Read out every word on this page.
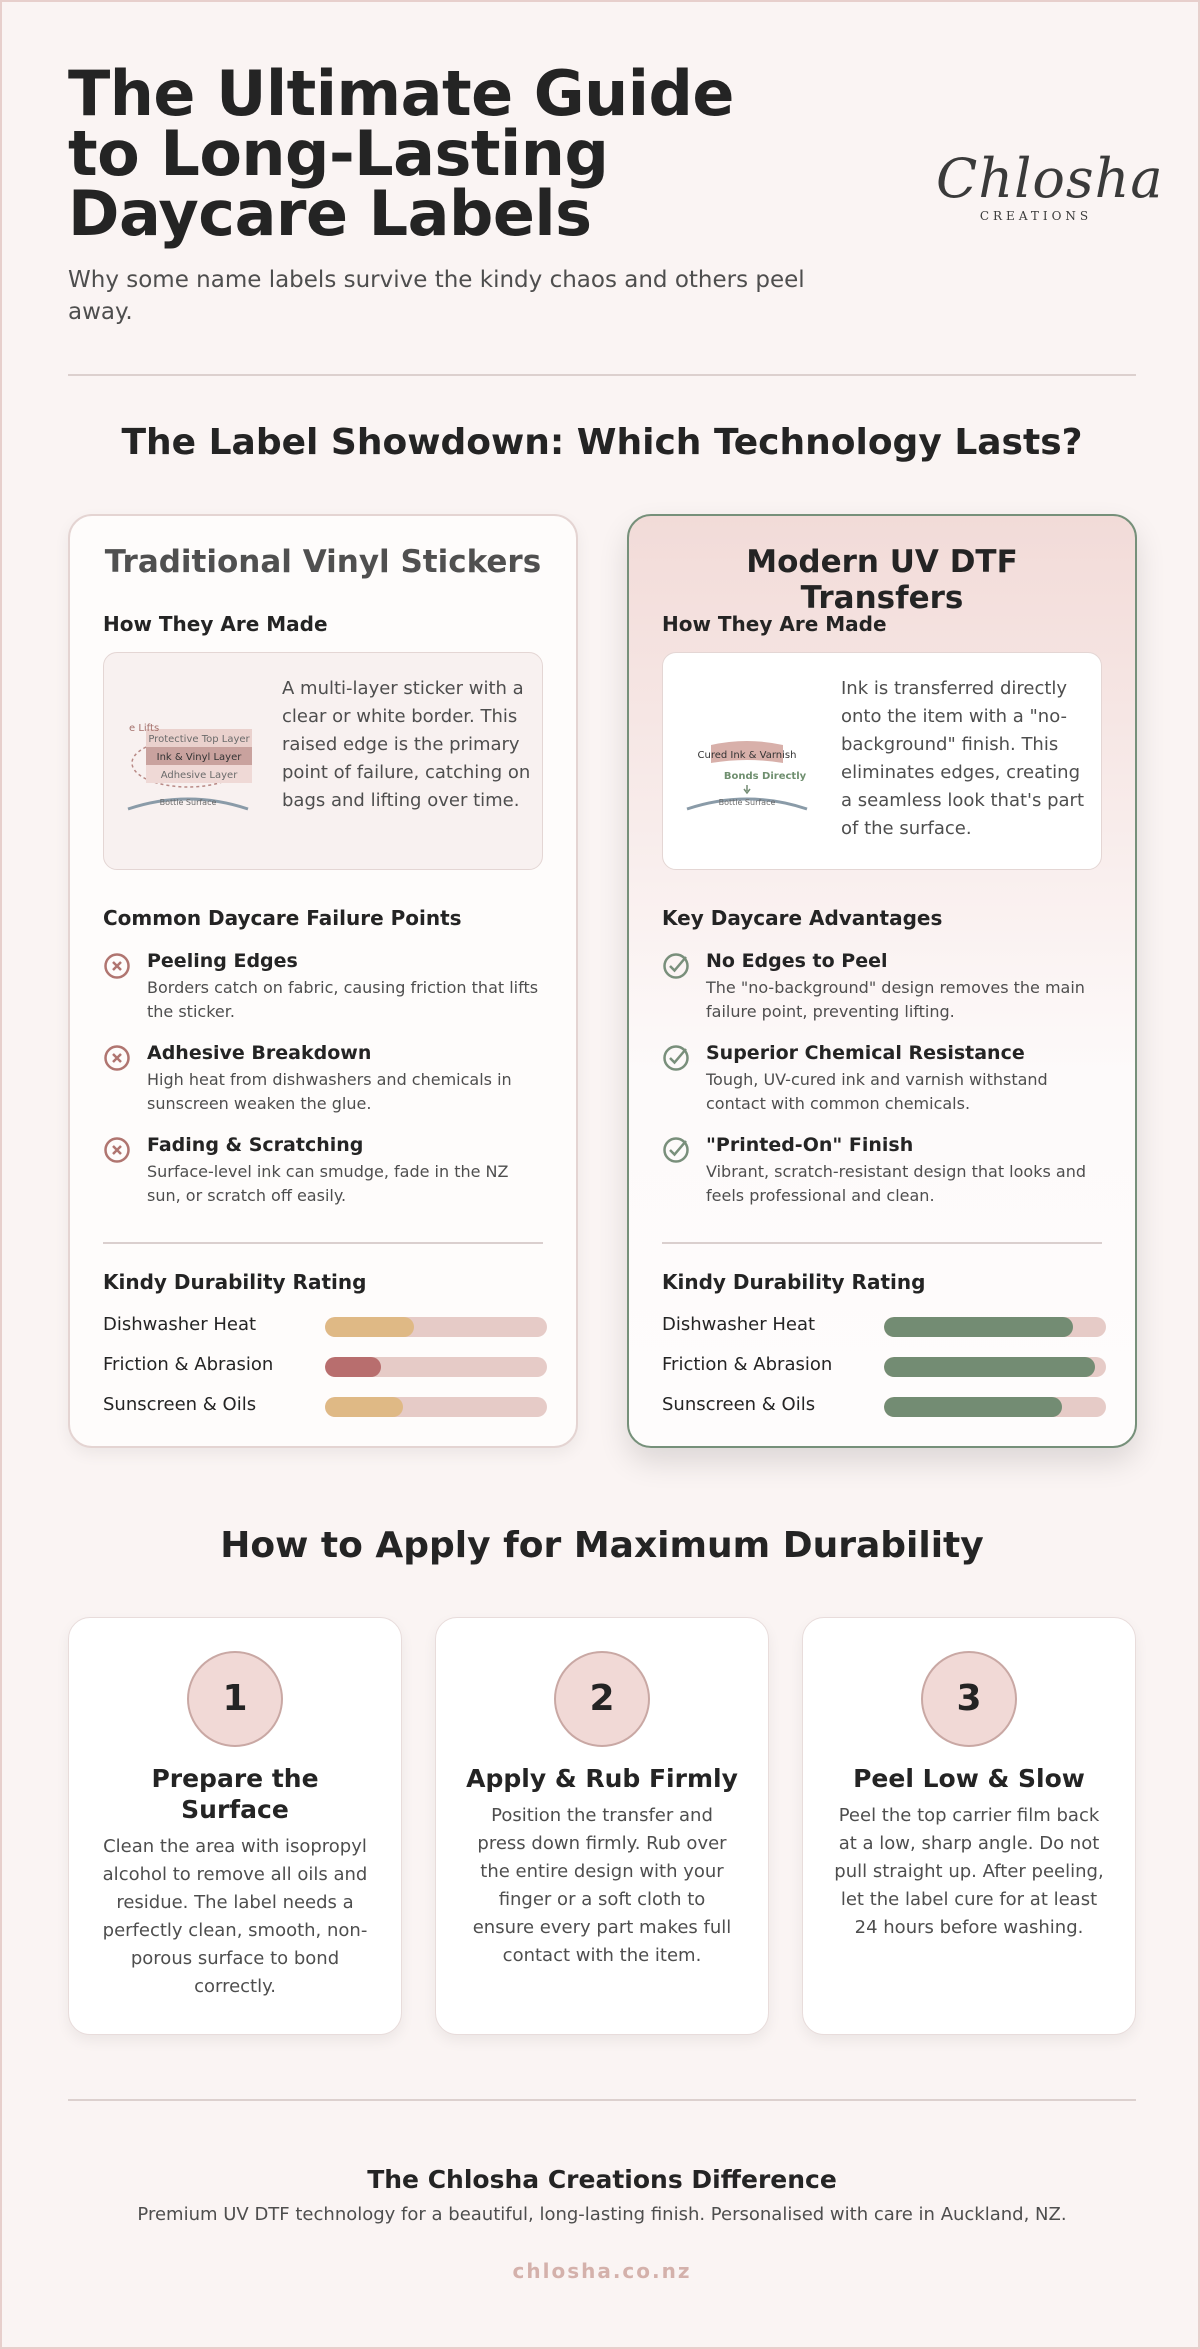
The Ultimate Guide to Long-Lasting Daycare Labels

Why some name labels survive the kindy chaos and others peel away.

Chlosha
CREATIONS
The Label Showdown: Which Technology Lasts?
Traditional Vinyl Stickers
How They Are Made
e Lifts
Protective Top Layer
Ink & Vinyl Layer
Adhesive Layer
Bottle Surface

A multi-layer sticker with a clear or white border. This raised edge is the primary point of failure, catching on bags and lifting over time.

Common Daycare Failure Points
Peeling Edges
Borders catch on fabric, causing friction that lifts the sticker.
Adhesive Breakdown
High heat from dishwashers and chemicals in sunscreen weaken the glue.
Fading & Scratching
Surface-level ink can smudge, fade in the NZ sun, or scratch off easily.
Kindy Durability Rating
Dishwasher Heat
Friction & Abrasion
Sunscreen & Oils
Modern UV DTF Transfers
How They Are Made
Cured Ink & Varnish
Bonds Directly
Bottle Surface

Ink is transferred directly onto the item with a "no-background" finish. This eliminates edges, creating a seamless look that's part of the surface.

Key Daycare Advantages
No Edges to Peel
The "no-background" design removes the main failure point, preventing lifting.
Superior Chemical Resistance
Tough, UV-cured ink and varnish withstand contact with common chemicals.
"Printed-On" Finish
Vibrant, scratch-resistant design that looks and feels professional and clean.
Kindy Durability Rating
Dishwasher Heat
Friction & Abrasion
Sunscreen & Oils
How to Apply for Maximum Durability
1
Prepare the Surface
Clean the area with isopropyl alcohol to remove all oils and residue. The label needs a perfectly clean, smooth, non-porous surface to bond correctly.
2
Apply & Rub Firmly
Position the transfer and press down firmly. Rub over the entire design with your finger or a soft cloth to ensure every part makes full contact with the item.
3
Peel Low & Slow
Peel the top carrier film back at a low, sharp angle. Do not pull straight up. After peeling, let the label cure for at least 24 hours before washing.
The Chlosha Creations Difference
Premium UV DTF technology for a beautiful, long-lasting finish. Personalised with care in Auckland, NZ.
chlosha.co.nz
